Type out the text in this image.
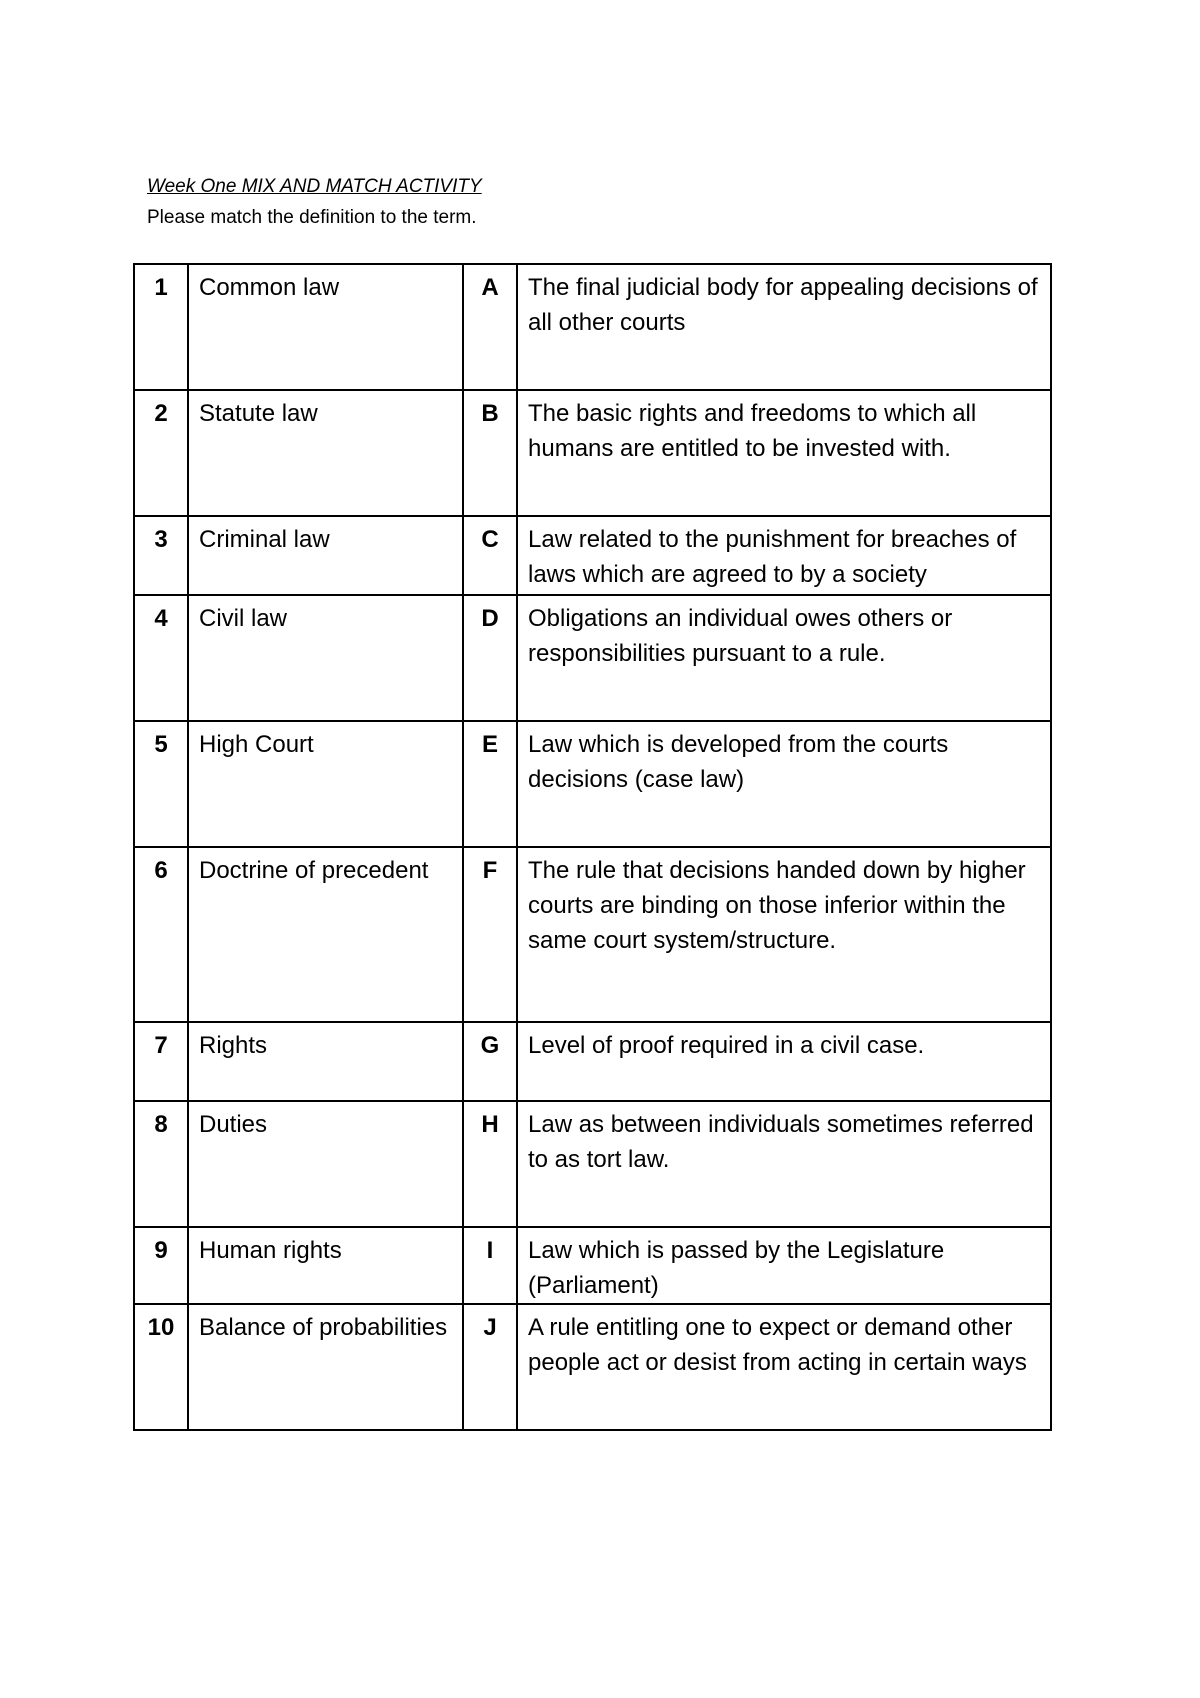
Week One MIX AND MATCH ACTIVITY
Please match the definition to the term.
1	Common law	A	The final judicial body for appealing decisions of all other courts
2	Statute law	B	The basic rights and freedoms to which all humans are entitled to be invested with.
3	Criminal law	C	Law related to the punishment for breaches of laws which are agreed to by a society
4	Civil law	D	Obligations an individual owes others or responsibilities pursuant to a rule.
5	High Court	E	Law which is developed from the courts decisions (case law)
6	Doctrine of precedent	F	The rule that decisions handed down by higher courts are binding on those inferior within the same court system/structure.
7	Rights	G	Level of proof required in a civil case.
8	Duties	H	Law as between individuals sometimes referred to as tort law.
9	Human rights	I	Law which is passed by the Legislature (Parliament)
10	Balance of probabilities	J	A rule entitling one to expect or demand other people act or desist from acting in certain ways
